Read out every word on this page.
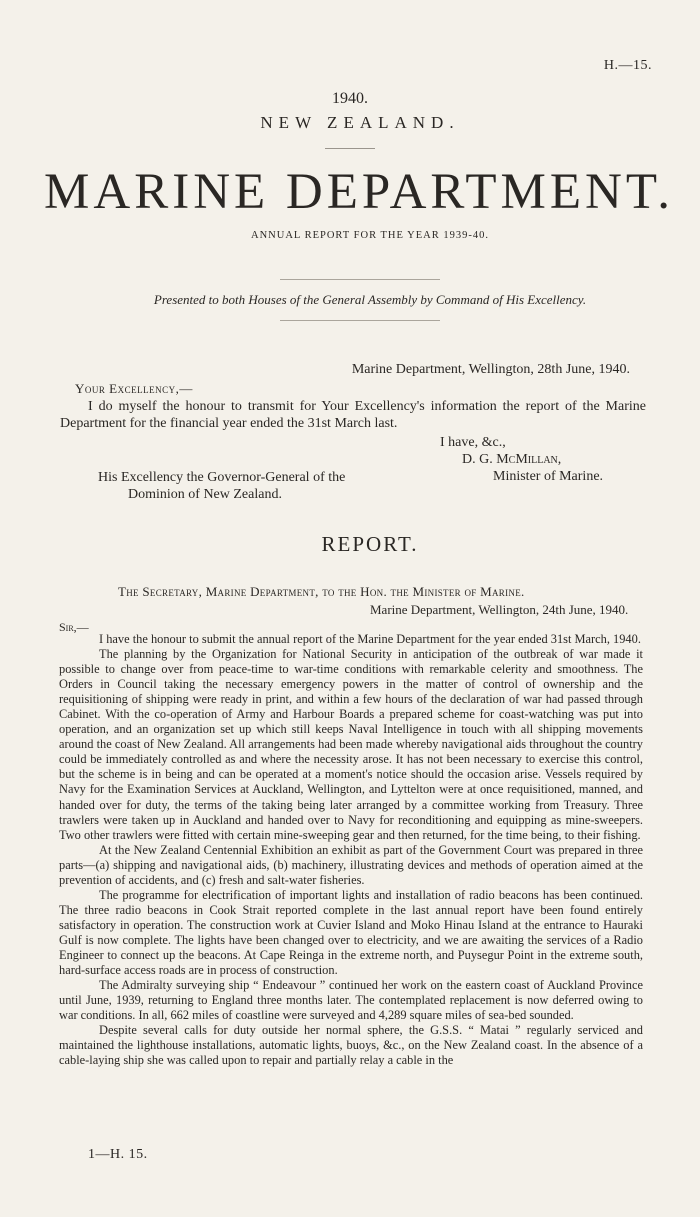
H.—15.
1940.
NEW ZEALAND.
MARINE DEPARTMENT.
ANNUAL REPORT FOR THE YEAR 1939-40.
Presented to both Houses of the General Assembly by Command of His Excellency.
Marine Department, Wellington, 28th June, 1940.
Your Excellency,—

I do myself the honour to transmit for Your Excellency's information the report of the Marine Department for the financial year ended the 31st March last.

I have, &c.,
D. G. McMillan,
His Excellency the Governor-General of the
Dominion of New Zealand.
Minister of Marine.
REPORT.
The Secretary, Marine Department, to the Hon. the Minister of Marine.
Marine Department, Wellington, 24th June, 1940.
Sir,—

I have the honour to submit the annual report of the Marine Department for the year ended 31st March, 1940.

The planning by the Organization for National Security in anticipation of the outbreak of war made it possible to change over from peace-time to war-time conditions with remarkable celerity and smoothness. The Orders in Council taking the necessary emergency powers in the matter of control of ownership and the requisitioning of shipping were ready in print, and within a few hours of the declaration of war had passed through Cabinet. With the co-operation of Army and Harbour Boards a prepared scheme for coast-watching was put into operation, and an organization set up which still keeps Naval Intelligence in touch with all shipping movements around the coast of New Zealand. All arrangements had been made whereby navigational aids throughout the country could be immediately controlled as and where the necessity arose. It has not been necessary to exercise this control, but the scheme is in being and can be operated at a moment's notice should the occasion arise. Vessels required by Navy for the Examination Services at Auckland, Wellington, and Lyttelton were at once requisitioned, manned, and handed over for duty, the terms of the taking being later arranged by a committee working from Treasury. Three trawlers were taken up in Auckland and handed over to Navy for reconditioning and equipping as mine-sweepers. Two other trawlers were fitted with certain mine-sweeping gear and then returned, for the time being, to their fishing.

At the New Zealand Centennial Exhibition an exhibit as part of the Government Court was prepared in three parts—(a) shipping and navigational aids, (b) machinery, illustrating devices and methods of operation aimed at the prevention of accidents, and (c) fresh and salt-water fisheries.

The programme for electrification of important lights and installation of radio beacons has been continued. The three radio beacons in Cook Strait reported complete in the last annual report have been found entirely satisfactory in operation. The construction work at Cuvier Island and Moko Hinau Island at the entrance to Hauraki Gulf is now complete. The lights have been changed over to electricity, and we are awaiting the services of a Radio Engineer to connect up the beacons. At Cape Reinga in the extreme north, and Puysegur Point in the extreme south, hard-surface access roads are in process of construction.

The Admiralty surveying ship “ Endeavour ” continued her work on the eastern coast of Auckland Province until June, 1939, returning to England three months later. The contemplated replacement is now deferred owing to war conditions. In all, 662 miles of coastline were surveyed and 4,289 square miles of sea-bed sounded.

Despite several calls for duty outside her normal sphere, the G.S.S. “ Matai ” regularly serviced and maintained the lighthouse installations, automatic lights, buoys, &c., on the New Zealand coast. In the absence of a cable-laying ship she was called upon to repair and partially relay a cable in the

1—H. 15.
